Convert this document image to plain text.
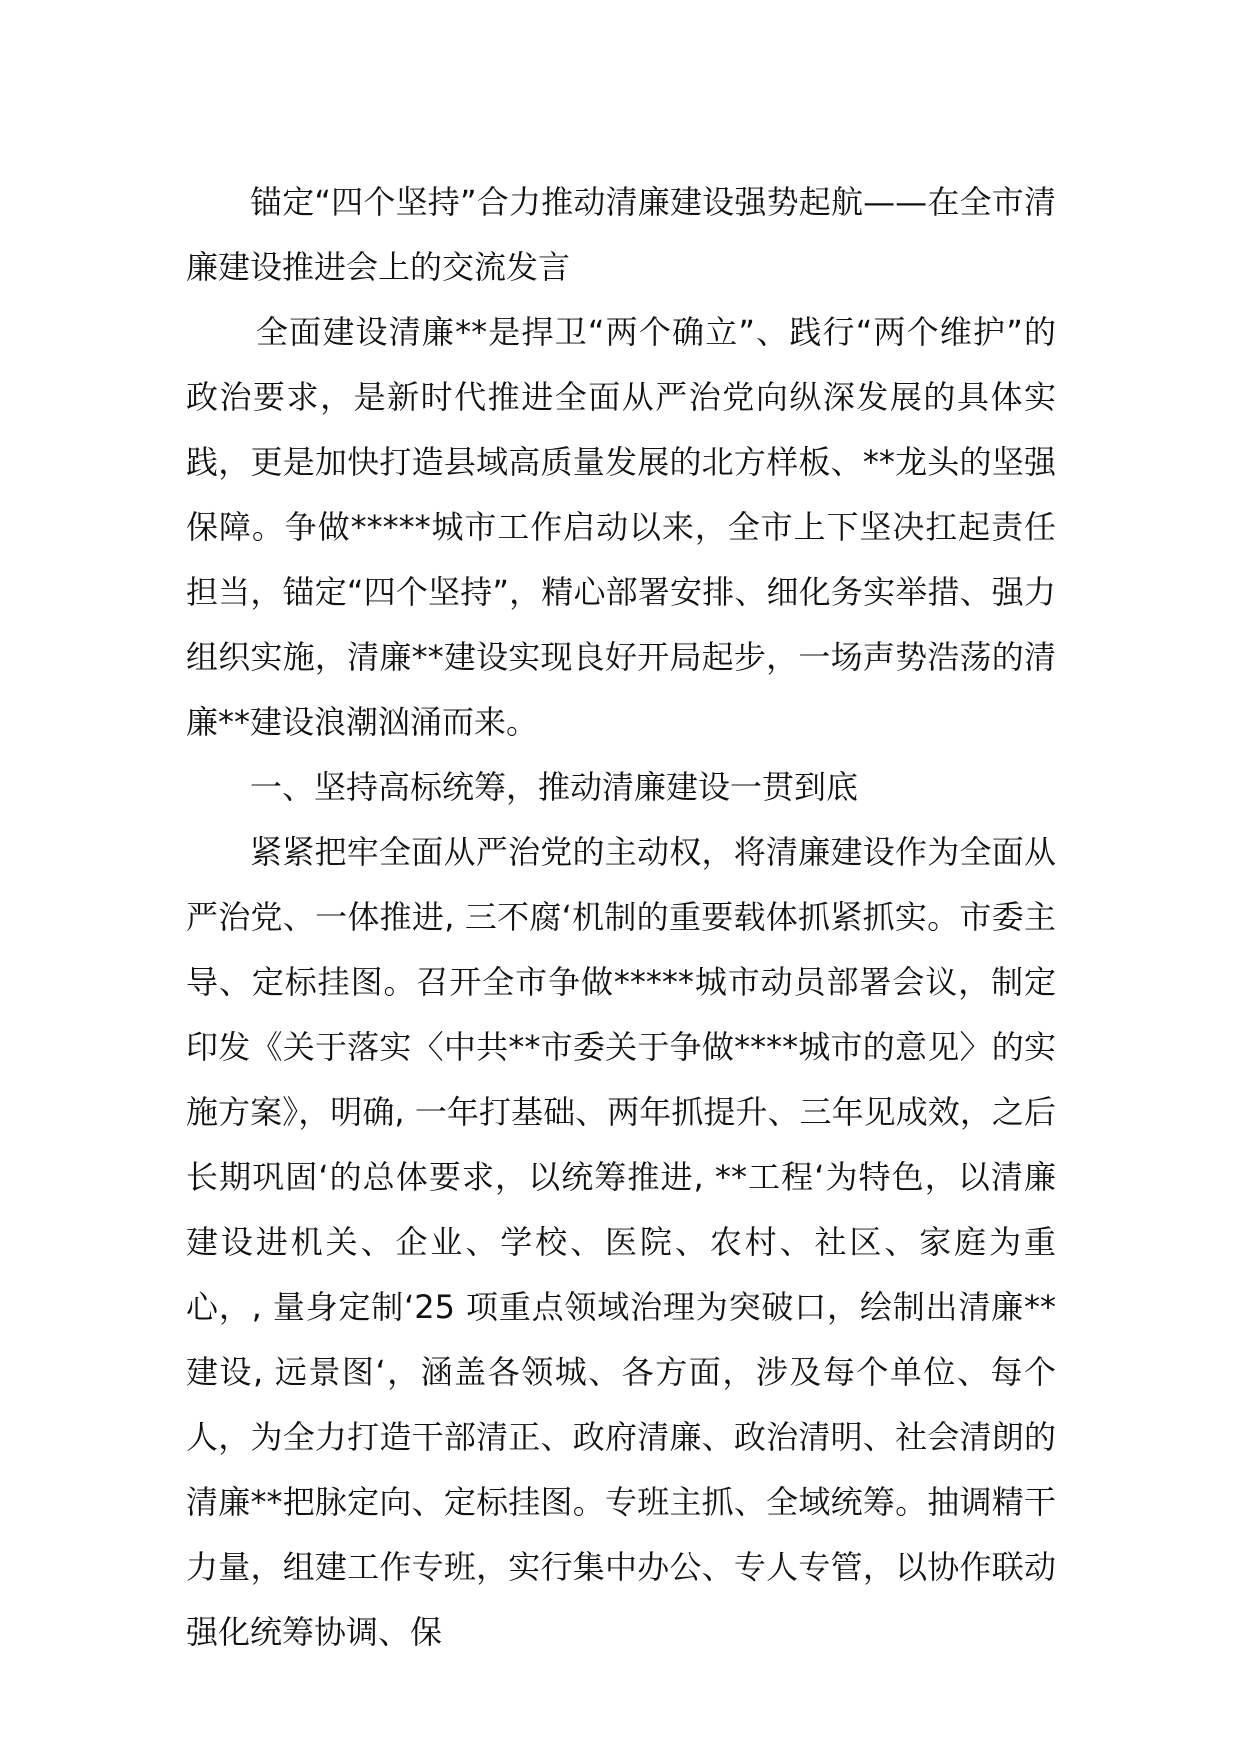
锚定“四个坚持”合力推动清廉建设强势起航——在全市清廉建设推进会上的交流发言

全面建设清廉**是捍卫“两个确立”、践行“两个维护”的政治要求，是新时代推进全面从严治党向纵深发展的具体实践，更是加快打造县域高质量发展的北方样板、**龙头的坚强保障。争做*****城市工作启动以来，全市上下坚决扛起责任担当，锚定“四个坚持”，精心部署安排、细化务实举措、强力组织实施，清廉**建设实现良好开局起步，一场声势浩荡的清廉**建设浪潮汹涌而来。

一、坚持高标统筹，推动清廉建设一贯到底

紧紧把牢全面从严治党的主动权，将清廉建设作为全面从严治党、一体推进, 三不腐‘机制的重要载体抓紧抓实。市委主导、定标挂图。召开全市争做*****城市动员部署会议，制定印发《关于落实〈中共**市委关于争做****城市的意见〉的实施方案》，明确, 一年打基础、两年抓提升、三年见成效，之后长期巩固‘的总体要求，以统筹推进, **工程‘为特色，以清廉建设进机关、企业、学校、医院、农村、社区、家庭为重心，, 量身定制‘25 项重点领域治理为突破口，绘制出清廉**建设, 远景图‘，涵盖各领城、各方面，涉及每个单位、每个人，为全力打造干部清正、政府清廉、政治清明、社会清朗的清廉**把脉定向、定标挂图。专班主抓、全域统筹。抽调精干力量，组建工作专班，实行集中办公、专人专管，以协作联动强化统筹协调、保
